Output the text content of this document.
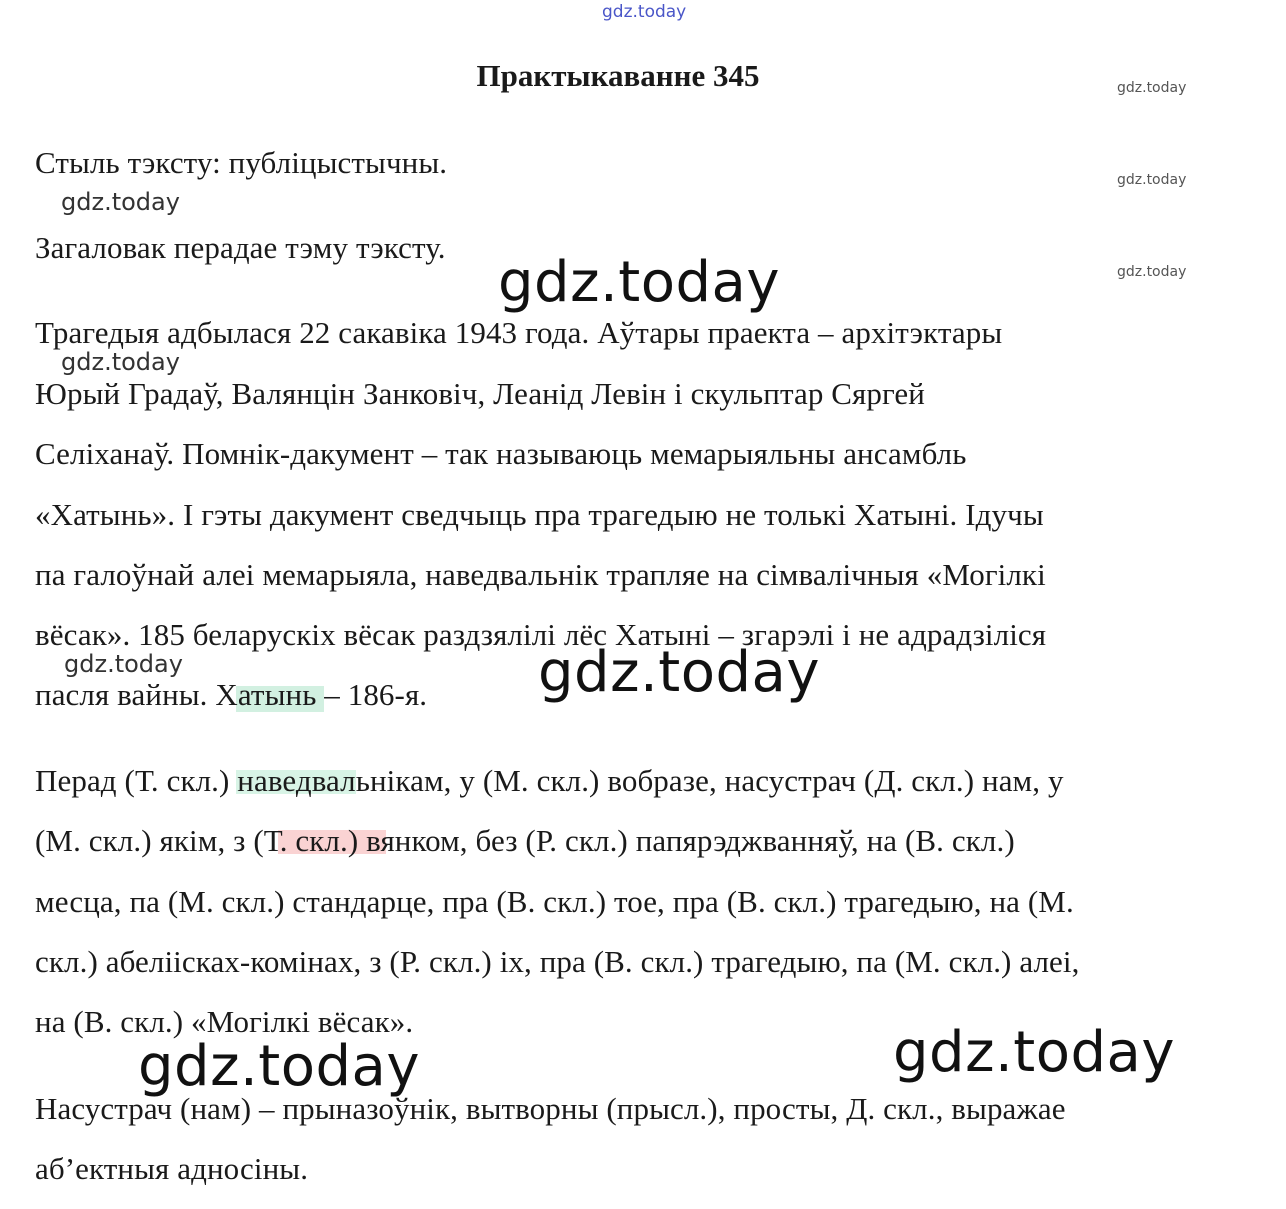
gdz.today
Практыкаванне 345	gdz.today
gdz.today
gdz.today
Стыль тэксту: публіцыстычны.
gdz.today
Загаловак перадае тэму тэксту.
gdz.today
Трагедыя адбылася 22 сакавіка 1943 года. Аўтары праекта – архітэктары
gdz.today
Юрый Градаў, Валянцін Занковіч, Леанід Левін і скульптар Сяргей
Селіханаў. Помнік-дакумент – так называюць мемарыяльны ансамбль
«Хатынь». І гэты дакумент сведчыць пра трагедыю не толькі Хатыні. Ідучы
па галоўнай алеі мемарыяла, наведвальнік трапляе на сімвалічныя «Могілкі
вёсак». 185 беларускіх вёсак раздзялілі лёс Хатыні – згарэлі і не адрадзіліся
gdz.today
пасля вайны. Хатынь – 186-я. gdz.today
Перад (Т. скл.) наведвальнікам, у (М. скл.) вобразе, насустрач (Д. скл.) нам, у
(М. скл.) якім, з (Т. скл.) вянком, без (Р. скл.) папярэджванняў, на (В. скл.)
месца, па (М. скл.) стандарце, пра (В. скл.) тое, пра (В. скл.) трагедыю, на (М.
скл.) абеліісках-комінах, з (Р. скл.) іх, пра (В. скл.) трагедыю, па (М. скл.) алеі,
на (В. скл.) «Могілкі вёсак».
gdz.today	gdz.today
Насустрач (нам) – прыназоўнік, вытворны (прысл.), просты, Д. скл., выражае
аб’ектныя адносіны.
